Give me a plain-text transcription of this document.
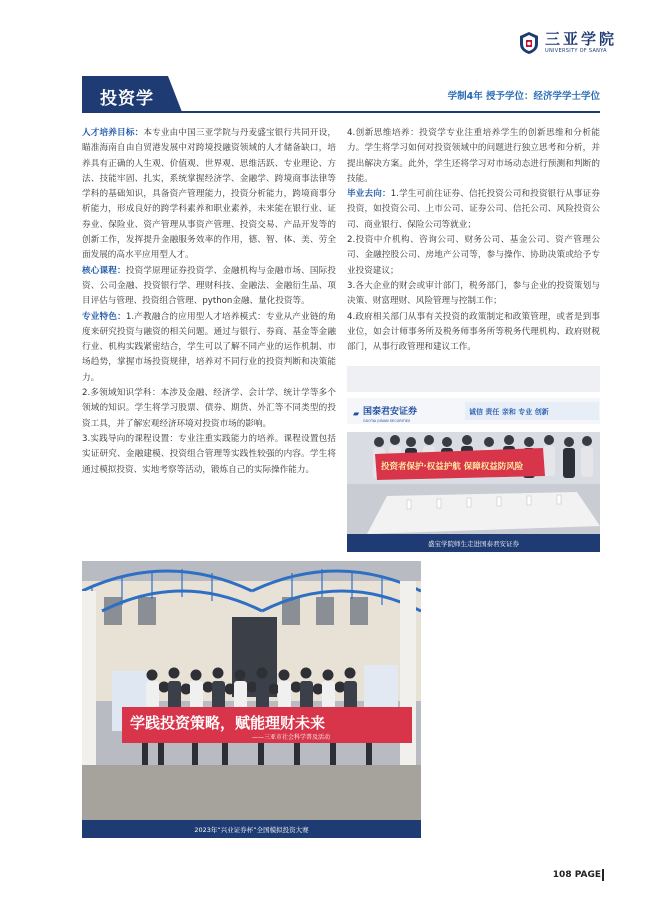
三亚学院
UNIVERSITY OF SANYA
投资学	学制4年 授予学位：经济学学士学位

人才培养目标：本专业由中国三亚学院与丹麦盛宝银行共同开设，瞄准海南自由自贸港发展中对跨境投融资领域的人才储备缺口，培养具有正确的人生观、价值观、世界观、思维活跃、专业理论、方法、技能牢固、扎实，系统掌握经济学、金融学、跨境商事法律等学科的基础知识，具备资产管理能力，投资分析能力，跨境商事分析能力，形成良好的跨学科素养和职业素养，未来能在银行业、证券业、保险业、资产管理从事资产管理、投资交易、产品开发等的创新工作，发挥提升金融服务效率的作用，德、智、体、美、劳全面发展的高水平应用型人才。

核心课程：投资学原理证券投资学、金融机构与金融市场、国际投资、公司金融、投资银行学、理财科技、金融法、金融衍生品、项目评估与管理、投资组合管理、python金融、量化投资等。

专业特色：1.产教融合的应用型人才培养模式：专业从产业链的角度来研究投资与融资的相关问题。通过与银行、券商、基金等金融行业、机构实践紧密结合，学生可以了解不同产业的运作机制、市场趋势，掌握市场投资规律，培养对不同行业的投资判断和决策能力。

2.多领域知识学科：本涉及金融、经济学、会计学、统计学等多个领域的知识。学生将学习股票、债券、期货、外汇等不同类型的投资工具，并了解宏观经济环境对投资市场的影响。

3.实践导向的课程设置：专业注重实践能力的培养。课程设置包括实证研究、金融建模、投资组合管理等实践性较强的内容。学生将通过模拟投资、实地考察等活动，锻炼自己的实际操作能力。

4.创新思维培养：投资学专业注重培养学生的创新思维和分析能力。学生将学习如何对投资领域中的问题进行独立思考和分析，并提出解决方案。此外，学生还将学习对市场动态进行预测和判断的技能。

毕业去向：1.学生可前往证券、信托投资公司和投资银行从事证券投资，如投资公司、上市公司、证券公司、信托公司、风险投资公司、商业银行、保险公司等就业；

2.投资中介机构、咨询公司、财务公司、基金公司、资产管理公司、金融控股公司、房地产公司等，参与操作、协助决策或给予专业投资建议；

3.各大企业的财会或审计部门，税务部门，参与企业的投资策划与决策、财富理财、风险管理与控制工作；

4.政府相关部门从事有关投资的政策制定和政策管理，或者是到事业位，如会计师事务所及税务师事务所等税务代理机构、政府财税部门，从事行政管理和建议工作。

▰ 国泰君安证券
GUOTAI JUNAN SECURITIES
诚信 责任 亲和 专业 创新
投资者保护·权益护航 保障权益防风险
盛宝学院师生走进国泰君安证券
学践投资策略，赋能理财未来
——三亚市社会科学普及活动
2023年“兴业证券杯”全国模拟投资大赛
108 PAGE
